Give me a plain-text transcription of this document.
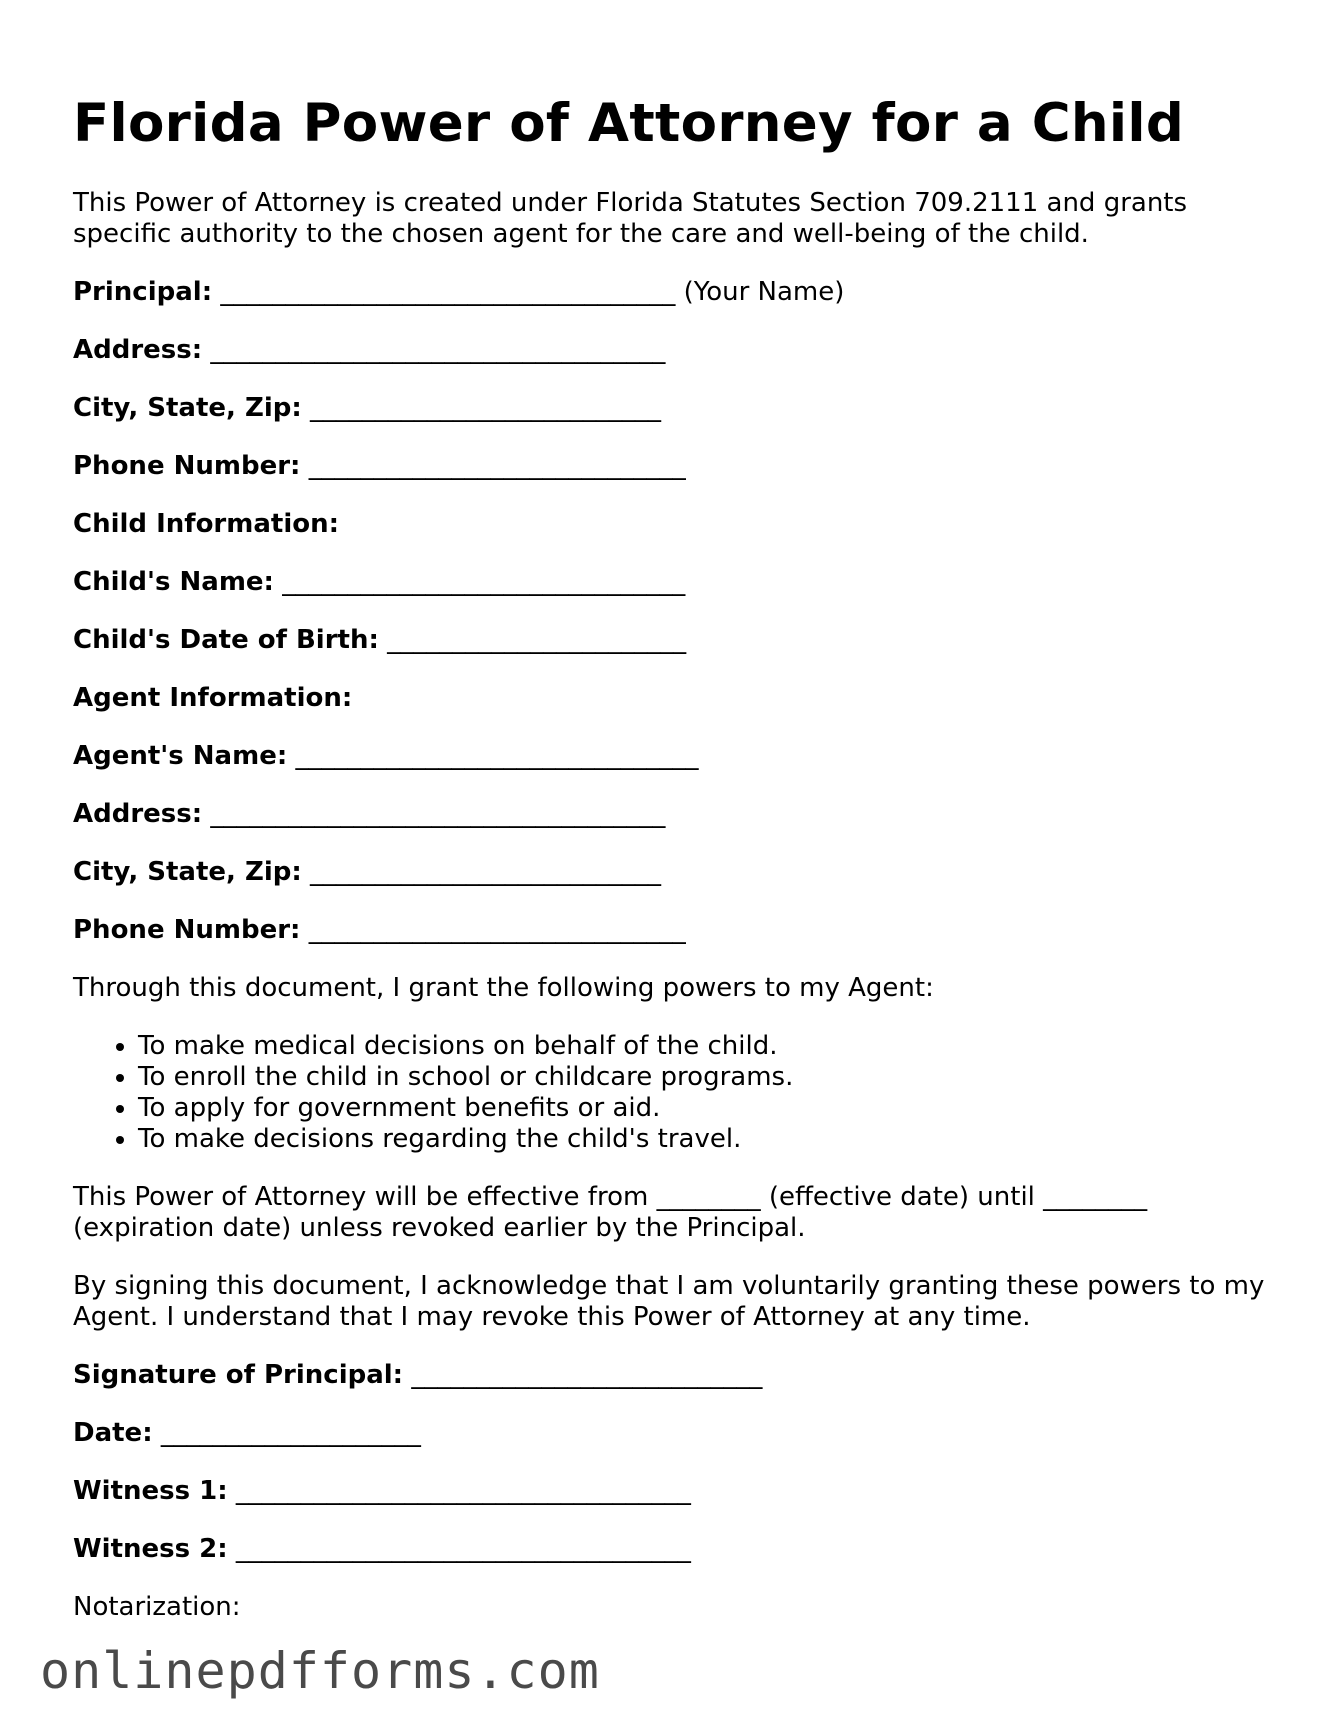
Florida Power of Attorney for a Child

This Power of Attorney is created under Florida Statutes Section 709.2111 and grants specific authority to the chosen agent for the care and well-being of the child.

Principal: ___________________________________ (Your Name)
Address: ___________________________________
City, State, Zip: ___________________________
Phone Number: _____________________________
Child Information:
Child's Name: _______________________________
Child's Date of Birth: _______________________
Agent Information:
Agent's Name: _______________________________
Address: ___________________________________
City, State, Zip: ___________________________
Phone Number: _____________________________

Through this document, I grant the following powers to my Agent:

• To make medical decisions on behalf of the child.
• To enroll the child in school or childcare programs.
• To apply for government benefits or aid.
• To make decisions regarding the child's travel.

This Power of Attorney will be effective from ________ (effective date) until ________ (expiration date) unless revoked earlier by the Principal.

By signing this document, I acknowledge that I am voluntarily granting these powers to my Agent. I understand that I may revoke this Power of Attorney at any time.

Signature of Principal: ___________________________
Date: ____________________
Witness 1: ___________________________________
Witness 2: ___________________________________

Notarization:

onlinepdfforms.com
